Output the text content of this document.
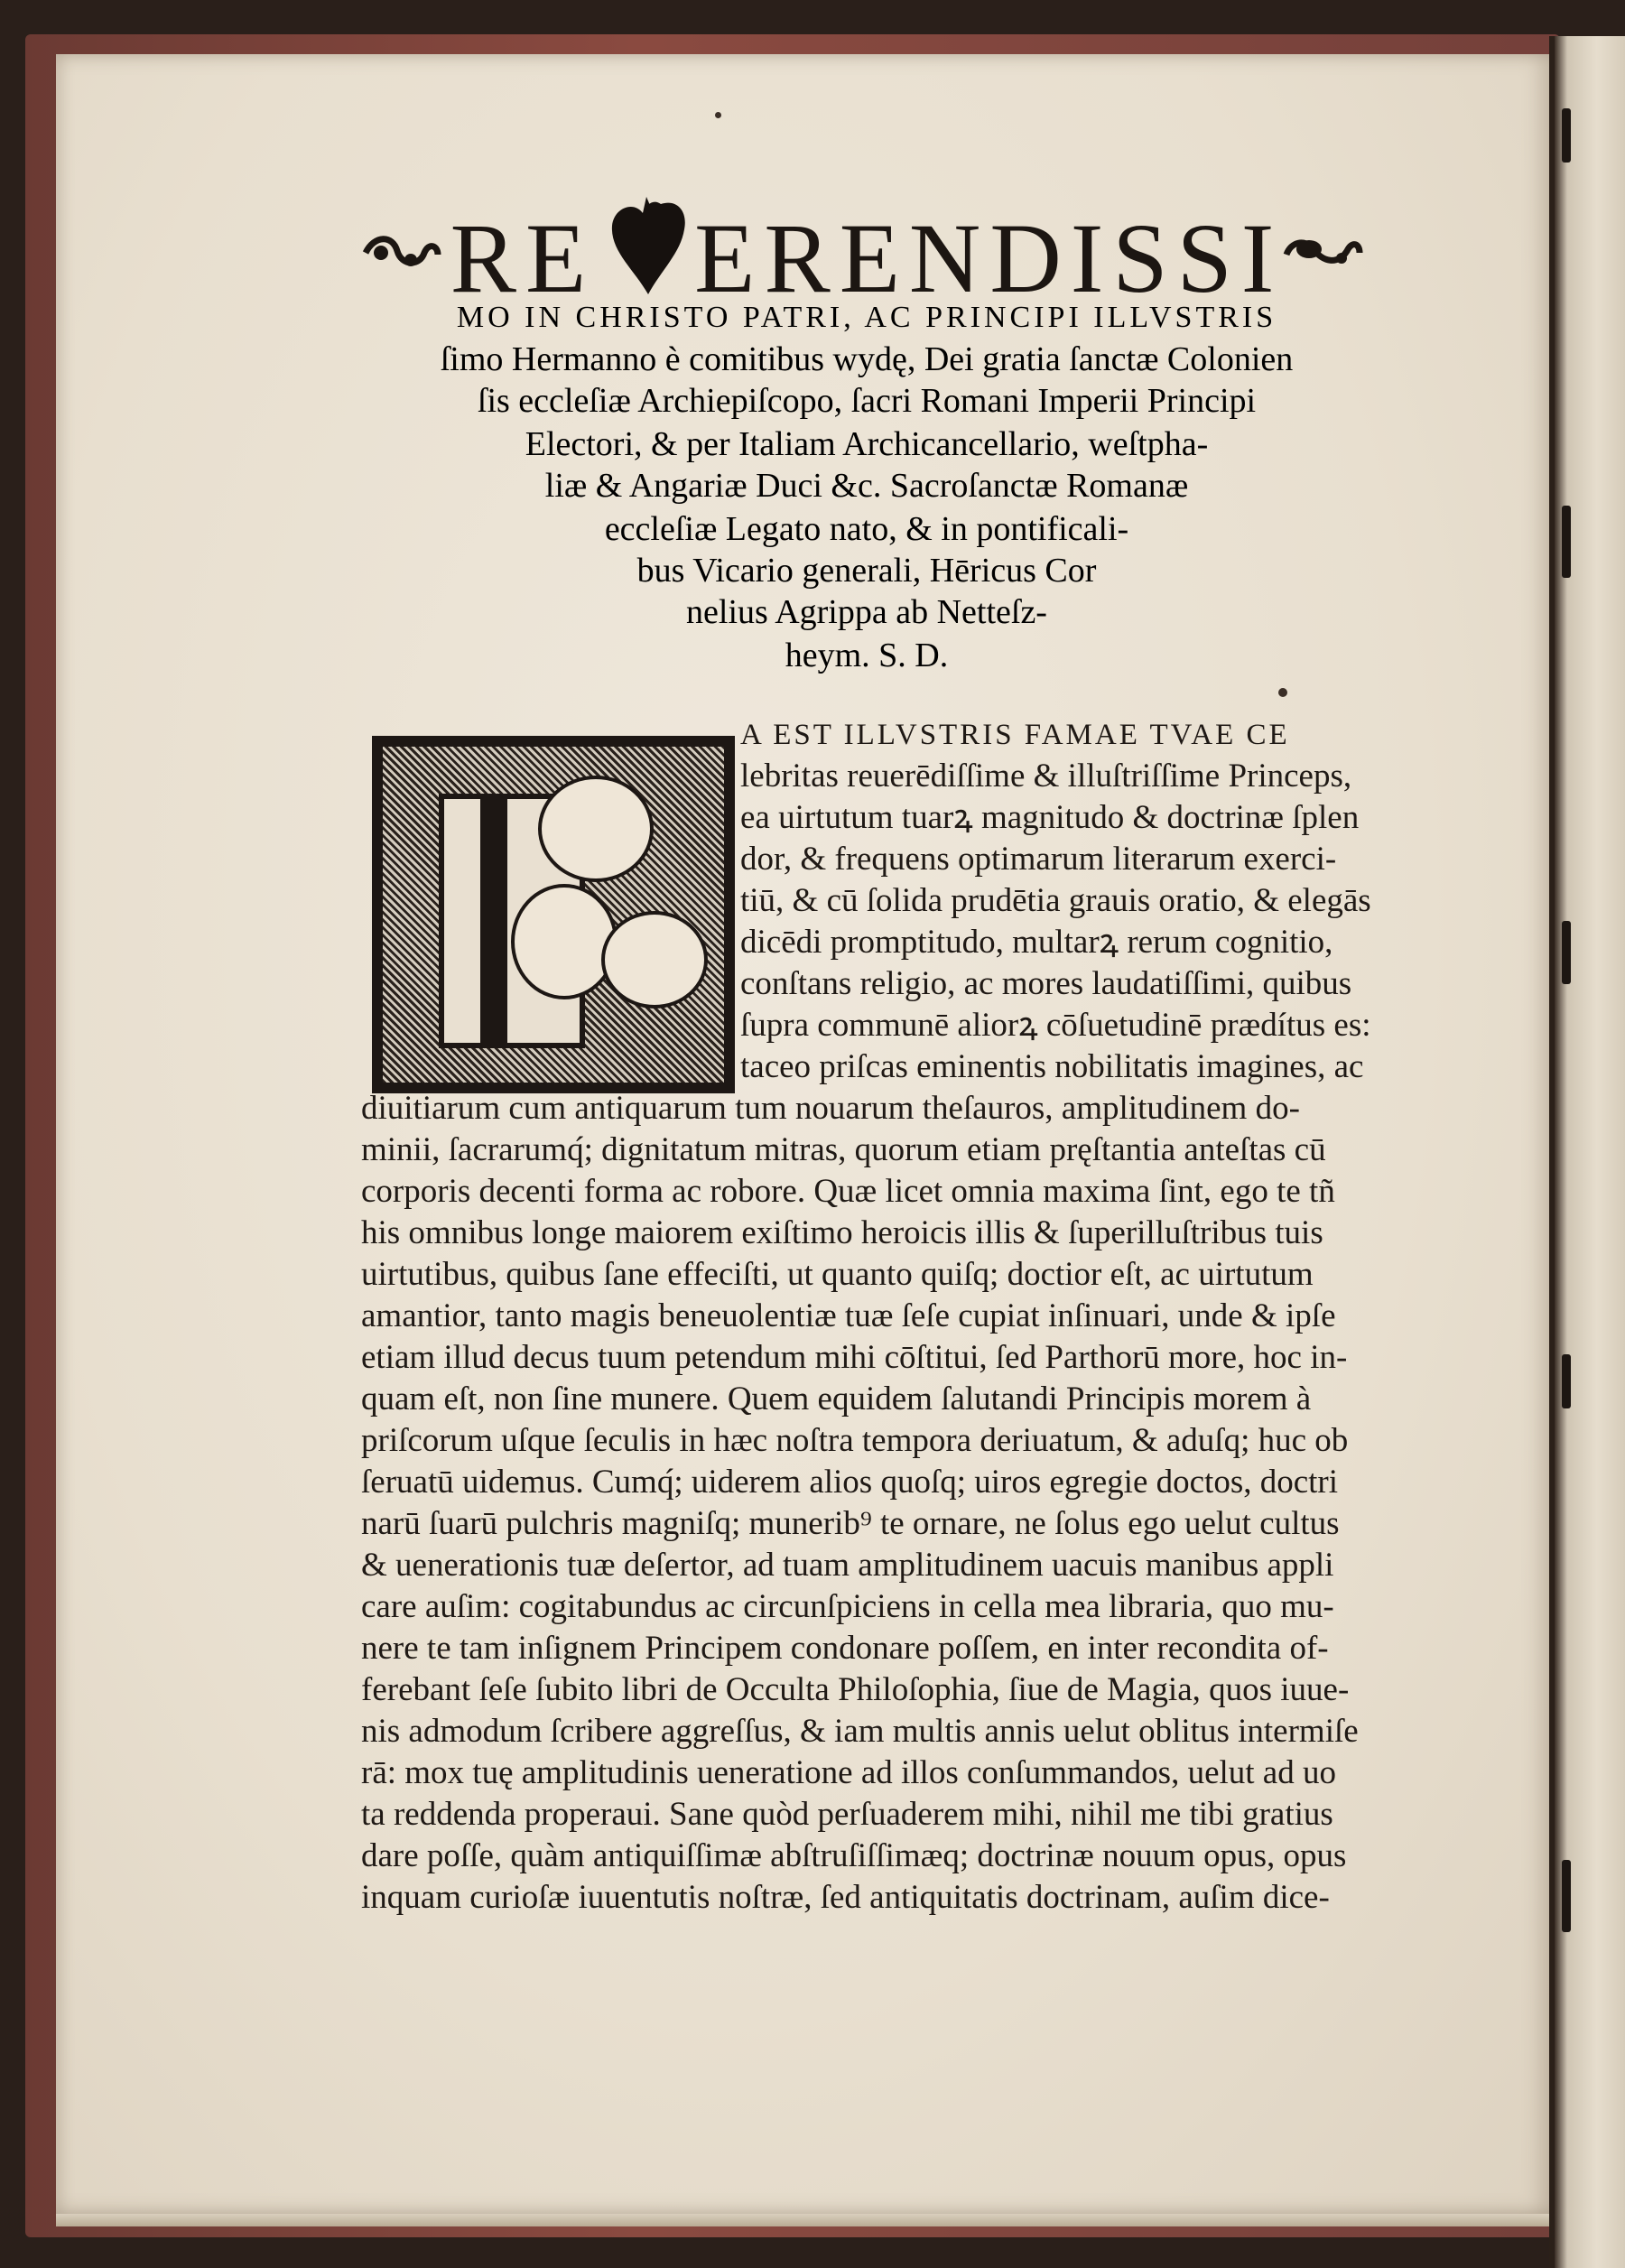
RE ERENDISSI
MO IN CHRISTO PATRI, AC PRINCIPI ILLVSTRIS
ſimo Hermanno è comitibus wydę, Dei gratia ſanctæ Colonien
ſis eccleſiæ Archiepiſcopo, ſacri Romani Imperii Principi
Electori, & per Italiam Archicancellario, weſtpha-
liæ & Angariæ Duci &c. Sacroſanctæ Romanæ
eccleſiæ Legato nato, & in pontificali-
bus Vicario generali, Hēricus Cor
nelius Agrippa ab Netteſz-
heym. S. D.
A EST ILLVSTRIS FAMAE TVAE CE
lebritas reuerēdiſſime & illuſtriſſime Princeps,
ea uirtutum tuarꝝ magnitudo & doctrinæ ſplen
dor, & frequens optimarum literarum exerci-
tiū, & cū ſolida prudētia grauis oratio, & elegās
dicēdi promptitudo, multarꝝ rerum cognitio,
conſtans religio, ac mores laudatiſſimi, quibus
ſupra communē aliorꝝ cōſuetudinē prædítus es:
taceo priſcas eminentis nobilitatis imagines, ac
diuitiarum cum antiquarum tum nouarum theſauros, amplitudinem do-
minii, ſacrarumq́; dignitatum mitras, quorum etiam pręſtantia anteſtas cū
corporis decenti forma ac robore. Quæ licet omnia maxima ſint, ego te tñ
his omnibus longe maiorem exiſtimo heroicis illis & ſuperilluſtribus tuis
uirtutibus, quibus ſane effeciſti, ut quanto quiſq; doctior eſt, ac uirtutum
amantior, tanto magis beneuolentiæ tuæ ſeſe cupiat inſinuari, unde & ipſe
etiam illud decus tuum petendum mihi cōſtitui, ſed Parthorū more, hoc in-
quam eſt, non ſine munere. Quem equidem ſalutandi Principis morem à
priſcorum uſque ſeculis in hæc noſtra tempora deriuatum, & aduſq; huc ob
ſeruatū uidemus. Cumq́; uiderem alios quoſq; uiros egregie doctos, doctri
narū ſuarū pulchris magniſq; munerib⁹ te ornare, ne ſolus ego uelut cultus
& uenerationis tuæ deſertor, ad tuam amplitudinem uacuis manibus appli
care auſim: cogitabundus ac circunſpiciens in cella mea libraria, quo mu-
nere te tam inſignem Principem condonare poſſem, en inter recondita of-
ferebant ſeſe ſubito libri de Occulta Philoſophia, ſiue de Magia, quos iuue-
nis admodum ſcribere aggreſſus, & iam multis annis uelut oblitus intermiſe
rā: mox tuę amplitudinis ueneratione ad illos conſummandos, uelut ad uo
ta reddenda properaui. Sane quòd perſuaderem mihi, nihil me tibi gratius
dare poſſe, quàm antiquiſſimæ abſtruſiſſimæq; doctrinæ nouum opus, opus
inquam curioſæ iuuentutis noſtræ, ſed antiquitatis doctrinam, auſim dice-
